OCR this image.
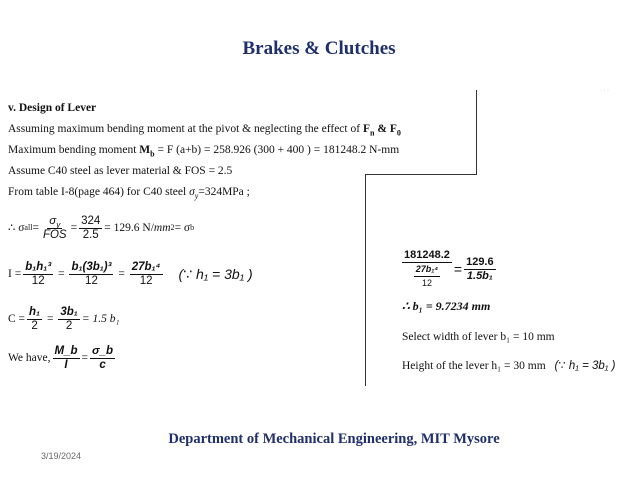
Brakes & Clutches
v. Design of Lever
Assuming maximum bending moment at the pivot & neglecting the effect of $F_n$ & $F_0$
Maximum bending moment $M_b = F$ (a+b) = 258.926 (300 + 400 ) = 181248.2 N-mm
Assume C40 steel as lever material & FOS = 2.5
From table I-8(page 464) for C40 steel $\sigma_y=324MPa$ ;
∴ σ all = $\frac{\sigma_y}{\text{FOS}} = \frac{324}{2.5} = 129.6$ N/ mm 2 = σ b
$I = \frac{\text{b₁h₁³}}{12} = \frac{\text{b₁(3b₁)³}}{12} = \frac{\text{27b₁⁴}}{12}$ (∵ h₁ = 3b₁ )
$C = \frac{\text{h₁}}{2} = \frac{\text{3b₁}}{2} = 1.5$ b₁
We have, $\frac{M\_b}{I} = \frac{\sigma\_b}{c}$
· · ·
$\frac{181248.2}{\frac{\text{27b₁⁴}}{12}} = \frac{129.6}{\text{1.5b₁}}$
∴ b₁ = 9.7234 mm
Select width of lever b₁ = 10 mm
Height of the lever h₁ = 30 mm (∵ h₁ = 3b₁ )
Department of Mechanical Engineering, MIT Mysore
3/19/2024
